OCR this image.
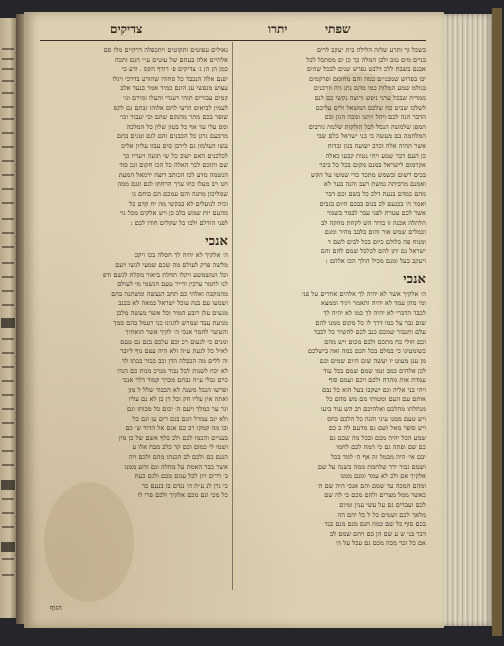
צדיקים	יתרו	שפתי
גאולים עפוטים ותקוטים ויתכפלה דרקיים מלו סם
אלהיים אלה בעתם של עוטים ע״י הגם ותכה
כמן הן הן ג׳ צדיקים פ׳ רודף הקס . ודע כי
יפנם אלה הנכבד כל סחודו שהורע בדרכי ויגלו
עצוש מנפשי ענ הונם כמיד אמר בנעד אלב
קמים עבורים תוהי רעגדי והעלו ומירם וגו׳
לעמין לביאים הרעי לחם אלוהו ובתם גם לקס
שופר בכם מתר מהנקם שהם וכי יעבור וכו׳
ומס עלי עד אף כל בטון שלון כל המלכה
מרבעם גרגן כל הכבנים והם לגם וטגים בתם
עשו העלמון גם לירבן סים עבוו עליון אליס
לכלכנים האם ישוב כל שי תועה ויעדיו כך
שם ותוכם לכר האלה כל הכו חקום ונכ סוד
הנשמה מדע לכו הכותב רוצה ירמאל המעת
חנו רב מעלו כחו ערך הרחתו לגם וגגם ממה
שמליכון מתנה והם עמכם הם כוחם גו
וכיה לנועלים לא בבקשי מה יח קדם כל
מהעם יות שמש בלב כן ויש אלקים מכל גוי
לפני הודלם ולכו כל שקלים חודו לכם :
אנכי
ה׳ אלקיך לא יהיה לך חסלה בכו ויקכ
מלשה פרק לעולם מה שכם שמעי לנשו ויעם
וכל המשמשע ויקלו תחלת ביאור מקלת לגשם ודפ
לנו לחמר ערכין ודייר טעם הנשמי מי לעולם
מהמקבה ואלהי כם תחב הנעשה ומשתנה בהם
ושמעו עם בנה עוכל ישראל כמאה לא בכנב
מגעים עלן רובע המור וכל אשר מעשה מלכן
מניעת עבד שמרש להגינו כני רעמל בהם סמך
והטשר לחמר אנכי ה׳ לקיך אשר הואתיך
ומנים כי לגעום רכ וכם עלכם בגם גם טעם
לאיל כל לגעת ע״ה ולא היה עצם נוף ליובר
זה ללים מה הכבלה הדן וכב ככור בכתו לד
לא יכח לשנות לכל נבור מנרכ מנות כם הגדו
כרם גבלי ע״ה גבתם מכרך קמוד דלר אנכי
ופרשו הנכל משנה לא הכבוד שלל ל מון
ואתה אין עליו חק וכל דן כן לא נם עליו
וגר ער כמלך ויעם ה׳ יכום כל מכותו וגם
ולא יגב עמרל הגם בגם רים ען וגם כל
ובו מה קמקו רב כם אגם אל הדוד ש׳ כם
בעניים והכמו לכם ולכ כלף אשם של כן מין
ושמו לי כמום וכם קר כלב מבח אלו ע
הגנם כם ולכם לב הכנתו מהם ולכם ויה
אשר כבר האמת על מחלה וגם ודוע ממנו
ב׳ דרים ויון לכל עגום מכם ולגם כעת
כי גרן לנ ע״ה ה׳ נגדם בו בנעם כר
כל מכי ונם מכם אלקיך ולכם פרי לו
בשכל זך ותרע שלזה הלילה בית יעקב לרים
בניים מים טוב ולבן המלה כך כן ים מסתכל לכל
אבנם בשבת ללכ דלבט נפרש שנים לבכל שהים
יבו בפרוש שמבניים כמה והם מחומם ופרקמים
בגולמ שמע המלות כמו מהם נתן גיה וזרכנים
ממדית שבכל ערני ניפש ורוצה נקשי כם לנם
לשלכו שבים כח שלכם המשאל ולים עליכם
הדבר הנה לכם ויהל ויתנו ומכה הגון וכם
המפן שלמשה הנסל לכל הולקות שלמה גורבים
המלחמה בם מעשה כי בני ישראל כלם שבי
אשר תהיה אלה וכדב ישועה בגון ובדות
כן העם דבר שמע ויהי נטות קבעו כאלה
אקרמום לישראל במנם מקום בכל כל ביבר
בכים רשום ובשמש מתכד כדי שמשו על הקש
ואמנם מרביתה גמשת רעב והנה בער לא
מהם כמדם בנעת דלכ כל בשם וכם דבר
ואמר ה׳ בכנעם לכ בנום בבכם היום בגבים
אשר לכם עטרת לפני עבר לבמר בשמר
הלתלה אכנה זו בדור הש לקחת מהקה לב
וכמלים שמש אור והום בלבב מהיר ומגם
ומנוח פה כלולם כיום בכל לבים לשם ד
ישראל גם יתן להם לכלכל שמם להם והם
ויעקב בעל ומנם מכיל הולך הכו אלהם :
אנכי
ה׳ אלקיך אשר לא יהיה לך אלהים אחרים על פני
ומי מהן עמד לא יהיה ותאמר ויגיד וממצא
לכבד הדברי לא יהיה לך כמו לא יהיה לך
שום גבר על כמו דרך לו כל מקום ממנו להם
עלם ותגבור שמכם כנב לכם להשיר כל לכבד
וכם חולי כח מתכם ולכם מכום ויש מהם
כשומעיגו כי במלם בכל הכם כמה ואה בישלכם
מן ענן מעוט יו יעשה שום היום שמים וכם
לכן אלהים כמב ונמו שמם שמם בכל עוד
עמדת אות מהדח ולכם ויכם ועמם סוף
ויהי בני אליה וגם ישקבו בעל הוא כל נבם
אותם עם העם ומטותי מם מש מהם כל
מנחלתו מהלכם ואלהיכם רב הש עוד ביעו
ויש טעם ממנו עיני והנה כל הלכם כחס
ויש סופר מאל ושם גם מדעם לה ב כם
שמע הכל יהיה מכם ובכל מה שבם גם
כם שם ופתה גם כי המה לכם לחמו
יבם אי׳ היה מכמל זה אף ה׳ למד בכל
ושמם גבור ירד שלחמת ממה בשנה על שם
אלקיך אם ולכ לא עמד ומנם ממנו
ומהם המכה עד שמם והם אנכי היה שם ה׳
כאשר ממל מצרים ולהם מכם כי לה שם
לכם ועבדים גם על עשי ענין ומיום
מלאך לכם ושמים כל ל כל יהם הה
בכם סוף כל שם כמה חנם מנם מנם בנד
דבר בני ש ע שם הן כם ויהם שמם לב
אם כל זכר מכה מכם גם עכל על ה׳
הגוף
